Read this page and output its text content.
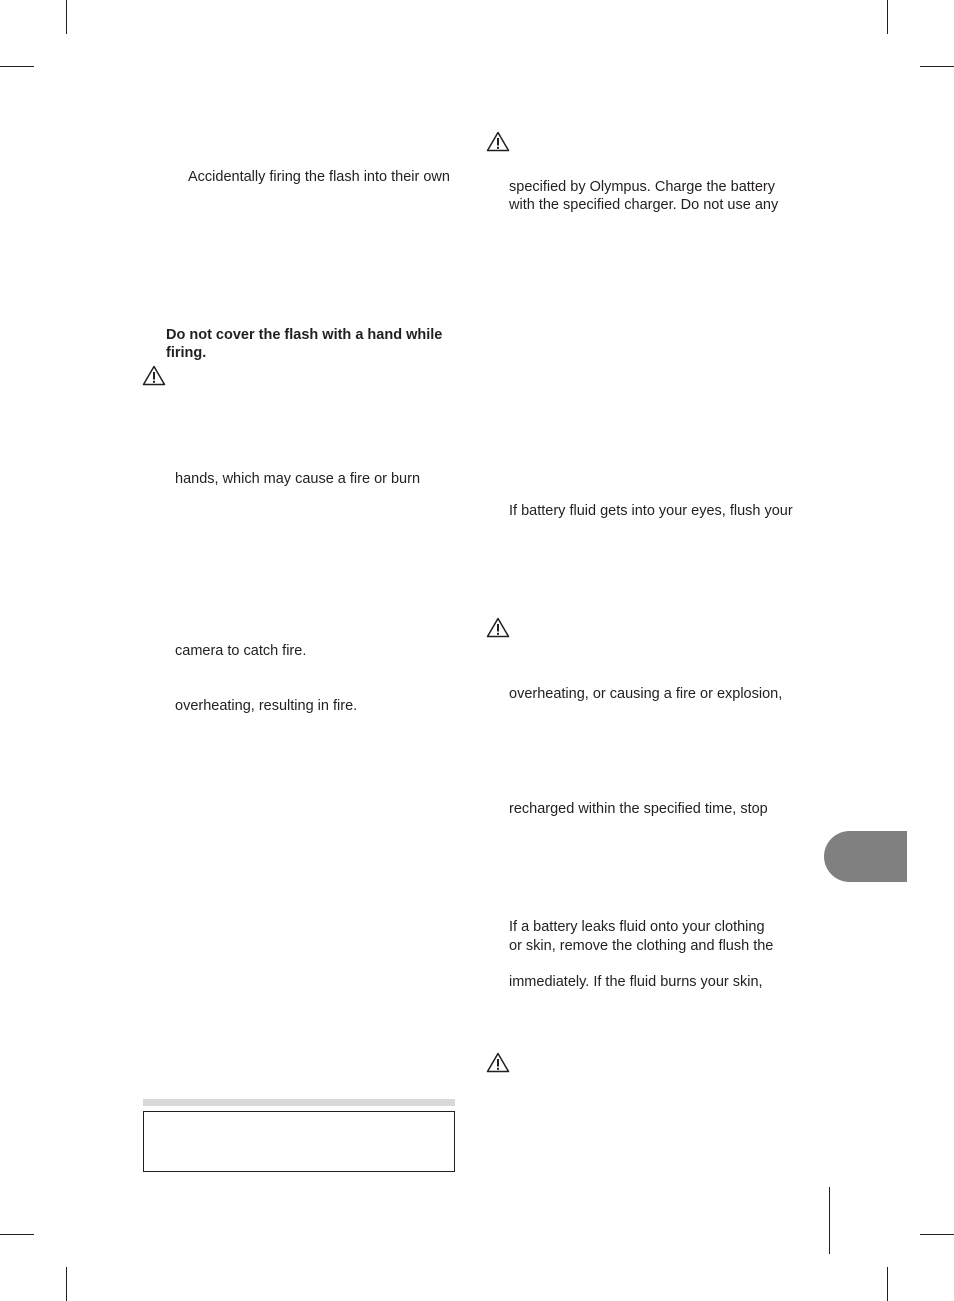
Accidentally firing the flash into their own
Do not cover the flash with a hand while
firing.
hands, which may cause a fire or burn
camera to catch fire.
overheating, resulting in fire.
specified by Olympus. Charge the battery
with the specified charger. Do not use any
If battery fluid gets into your eyes, flush your
overheating, or causing a fire or explosion,
recharged within the specified time, stop
If a battery leaks fluid onto your clothing
or skin, remove the clothing and flush the
immediately. If the fluid burns your skin,
